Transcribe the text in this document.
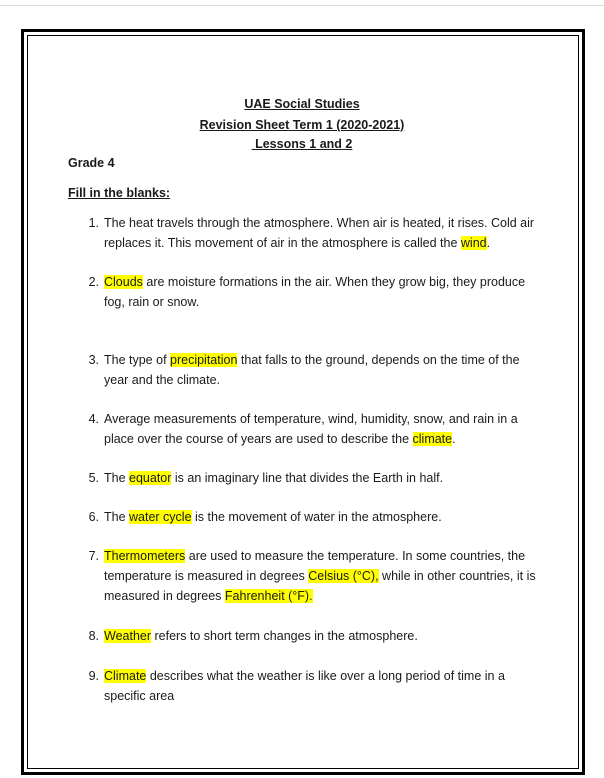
UAE Social Studies
Revision Sheet Term 1 (2020-2021)
Lessons 1 and 2
Grade 4
Fill in the blanks:
1. The heat travels through the atmosphere. When air is heated, it rises. Cold air replaces it. This movement of air in the atmosphere is called the wind.
2. Clouds are moisture formations in the air. When they grow big, they produce fog, rain or snow.
3. The type of precipitation that falls to the ground, depends on the time of the year and the climate.
4. Average measurements of temperature, wind, humidity, snow, and rain in a place over the course of years are used to describe the climate.
5. The equator is an imaginary line that divides the Earth in half.
6. The water cycle is the movement of water in the atmosphere.
7. Thermometers are used to measure the temperature. In some countries, the temperature is measured in degrees Celsius (°C), while in other countries, it is measured in degrees Fahrenheit (°F).
8. Weather refers to short term changes in the atmosphere.
9. Climate describes what the weather is like over a long period of time in a specific area
